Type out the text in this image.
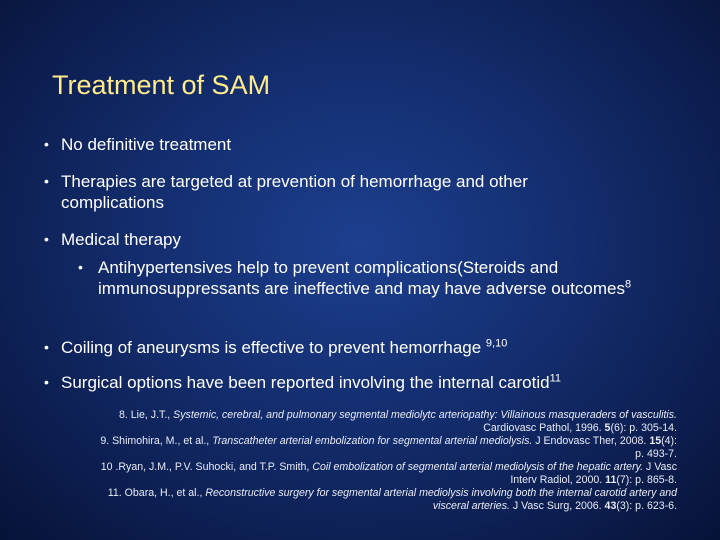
Treatment of SAM
• No definitive treatment
• Therapies are targeted at prevention of hemorrhage and other complications
• Medical therapy
• Antihypertensives help to prevent complications(Steroids and immunosuppressants are ineffective and may have adverse outcomes$^8$
• Coiling of aneurysms is effective to prevent hemorrhage $^{9,10}$
• Surgical options have been reported involving the internal carotid$^{11}$

8. Lie, J.T., Systemic, cerebral, and pulmonary segmental mediolytc arteriopathy: Villainous masqueraders of vasculitis. Cardiovasc Pathol, 1996. 5(6): p. 305-14.

9. Shimohira, M., et al., Transcatheter arterial embolization for segmental arterial mediolysis. J Endovasc Ther, 2008. 15(4): p. 493-7.

10 .Ryan, J.M., P.V. Suhocki, and T.P. Smith, Coil embolization of segmental arterial mediolysis of the hepatic artery. J Vasc Interv Radiol, 2000. 11(7): p. 865-8.

11. Obara, H., et al., Reconstructive surgery for segmental arterial mediolysis involving both the internal carotid artery and visceral arteries. J Vasc Surg, 2006. 43(3): p. 623-6.
